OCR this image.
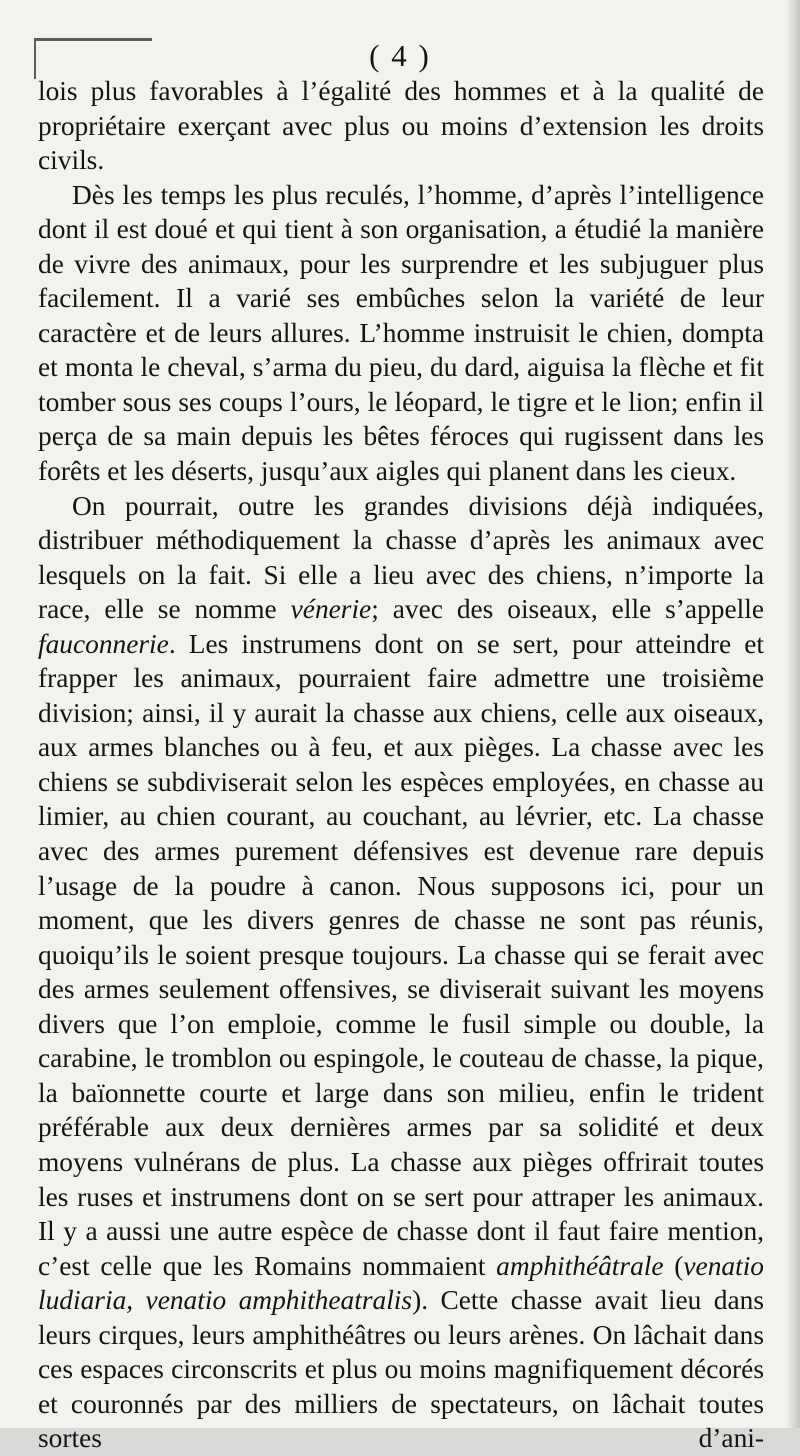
( 4 )

lois plus favorables à l’égalité des hommes et à la qualité de propriétaire exerçant avec plus ou moins d’extension les droits civils.

Dès les temps les plus reculés, l’homme, d’après l’intelligence dont il est doué et qui tient à son organisation, a étudié la manière de vivre des animaux, pour les surprendre et les subjuguer plus facilement. Il a varié ses embûches selon la variété de leur caractère et de leurs allures. L’homme instruisit le chien, dompta et monta le cheval, s’arma du pieu, du dard, aiguisa la flèche et fit tomber sous ses coups l’ours, le léopard, le tigre et le lion; enfin il perça de sa main depuis les bêtes féroces qui rugissent dans les forêts et les déserts, jusqu’aux aigles qui planent dans les cieux.

On pourrait, outre les grandes divisions déjà indiquées, distribuer méthodiquement la chasse d’après les animaux avec lesquels on la fait. Si elle a lieu avec des chiens, n’importe la race, elle se nomme vénerie; avec des oiseaux, elle s’appelle fauconnerie. Les instrumens dont on se sert, pour atteindre et frapper les animaux, pourraient faire admettre une troisième division; ainsi, il y aurait la chasse aux chiens, celle aux oiseaux, aux armes blanches ou à feu, et aux pièges. La chasse avec les chiens se subdiviserait selon les espèces employées, en chasse au limier, au chien courant, au couchant, au lévrier, etc. La chasse avec des armes purement défensives est devenue rare depuis l’usage de la poudre à canon. Nous supposons ici, pour un moment, que les divers genres de chasse ne sont pas réunis, quoiqu’ils le soient presque toujours. La chasse qui se ferait avec des armes seulement offensives, se diviserait suivant les moyens divers que l’on emploie, comme le fusil simple ou double, la carabine, le tromblon ou espingole, le couteau de chasse, la pique, la baïonnette courte et large dans son milieu, enfin le trident préférable aux deux dernières armes par sa solidité et deux moyens vulnérans de plus. La chasse aux pièges offrirait toutes les ruses et instrumens dont on se sert pour attraper les animaux. Il y a aussi une autre espèce de chasse dont il faut faire mention, c’est celle que les Romains nommaient amphithéâtrale (venatio ludiaria, venatio amphitheatralis). Cette chasse avait lieu dans leurs cirques, leurs amphithéâtres ou leurs arènes. On lâchait dans ces espaces circonscrits et plus ou moins magnifiquement décorés et couronnés par des milliers de spectateurs, on lâchait toutes sortes d’ani-
